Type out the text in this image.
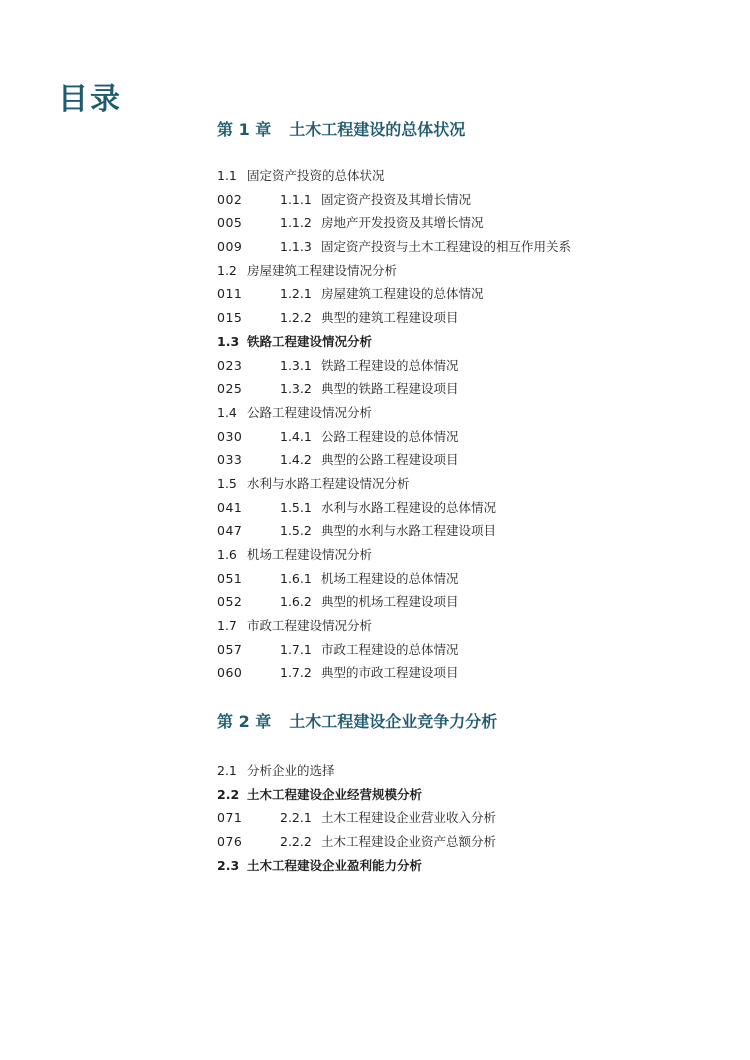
目录
第 1 章 土木工程建设的总体状况
1.1 固定资产投资的总体状况
002	1.1.1 固定资产投资及其增长情况
005	1.1.2 房地产开发投资及其增长情况
009	1.1.3 固定资产投资与土木工程建设的相互作用关系
1.2 房屋建筑工程建设情况分析
011	1.2.1 房屋建筑工程建设的总体情况
015	1.2.2 典型的建筑工程建设项目
1.3 铁路工程建设情况分析
023	1.3.1 铁路工程建设的总体情况
025	1.3.2 典型的铁路工程建设项目
1.4 公路工程建设情况分析
030	1.4.1 公路工程建设的总体情况
033	1.4.2 典型的公路工程建设项目
1.5 水利与水路工程建设情况分析
041	1.5.1 水利与水路工程建设的总体情况
047	1.5.2 典型的水利与水路工程建设项目
1.6 机场工程建设情况分析
051	1.6.1 机场工程建设的总体情况
052	1.6.2 典型的机场工程建设项目
1.7 市政工程建设情况分析
057	1.7.1 市政工程建设的总体情况
060	1.7.2 典型的市政工程建设项目
第 2 章 土木工程建设企业竞争力分析
2.1 分析企业的选择
2.2 土木工程建设企业经营规模分析
071	2.2.1 土木工程建设企业营业收入分析
076	2.2.2 土木工程建设企业资产总额分析
2.3 土木工程建设企业盈利能力分析
